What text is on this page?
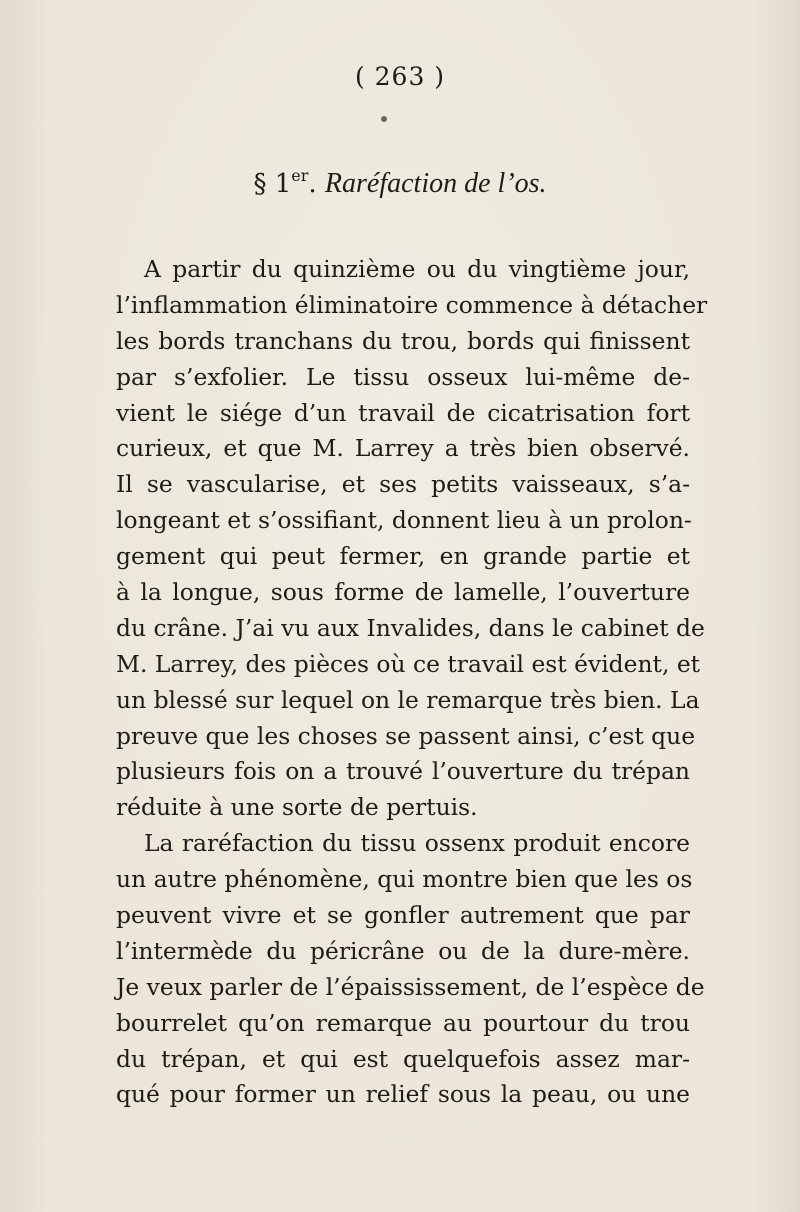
( 263 )
§ 1er. Raréfaction de l’os.
A partir du quinzième ou du vingtième jour,
l’inflammation éliminatoire commence à détacher
les bords tranchans du trou, bords qui finissent
par s’exfolier. Le tissu osseux lui-même de-
vient le siége d’un travail de cicatrisation fort
curieux, et que M. Larrey a très bien observé.
Il se vascularise, et ses petits vaisseaux, s’a-
longeant et s’ossifiant, donnent lieu à un prolon-
gement qui peut fermer, en grande partie et
à la longue, sous forme de lamelle, l’ouverture
du crâne. J’ai vu aux Invalides, dans le cabinet de
M. Larrey, des pièces où ce travail est évident, et
un blessé sur lequel on le remarque très bien. La
preuve que les choses se passent ainsi, c’est que
plusieurs fois on a trouvé l’ouverture du trépan
réduite à une sorte de pertuis.
La raréfaction du tissu ossenx produit encore
un autre phénomène, qui montre bien que les os
peuvent vivre et se gonfler autrement que par
l’intermède du péricrâne ou de la dure-mère.
Je veux parler de l’épaississement, de l’espèce de
bourrelet qu’on remarque au pourtour du trou
du trépan, et qui est quelquefois assez mar-
qué pour former un relief sous la peau, ou une
